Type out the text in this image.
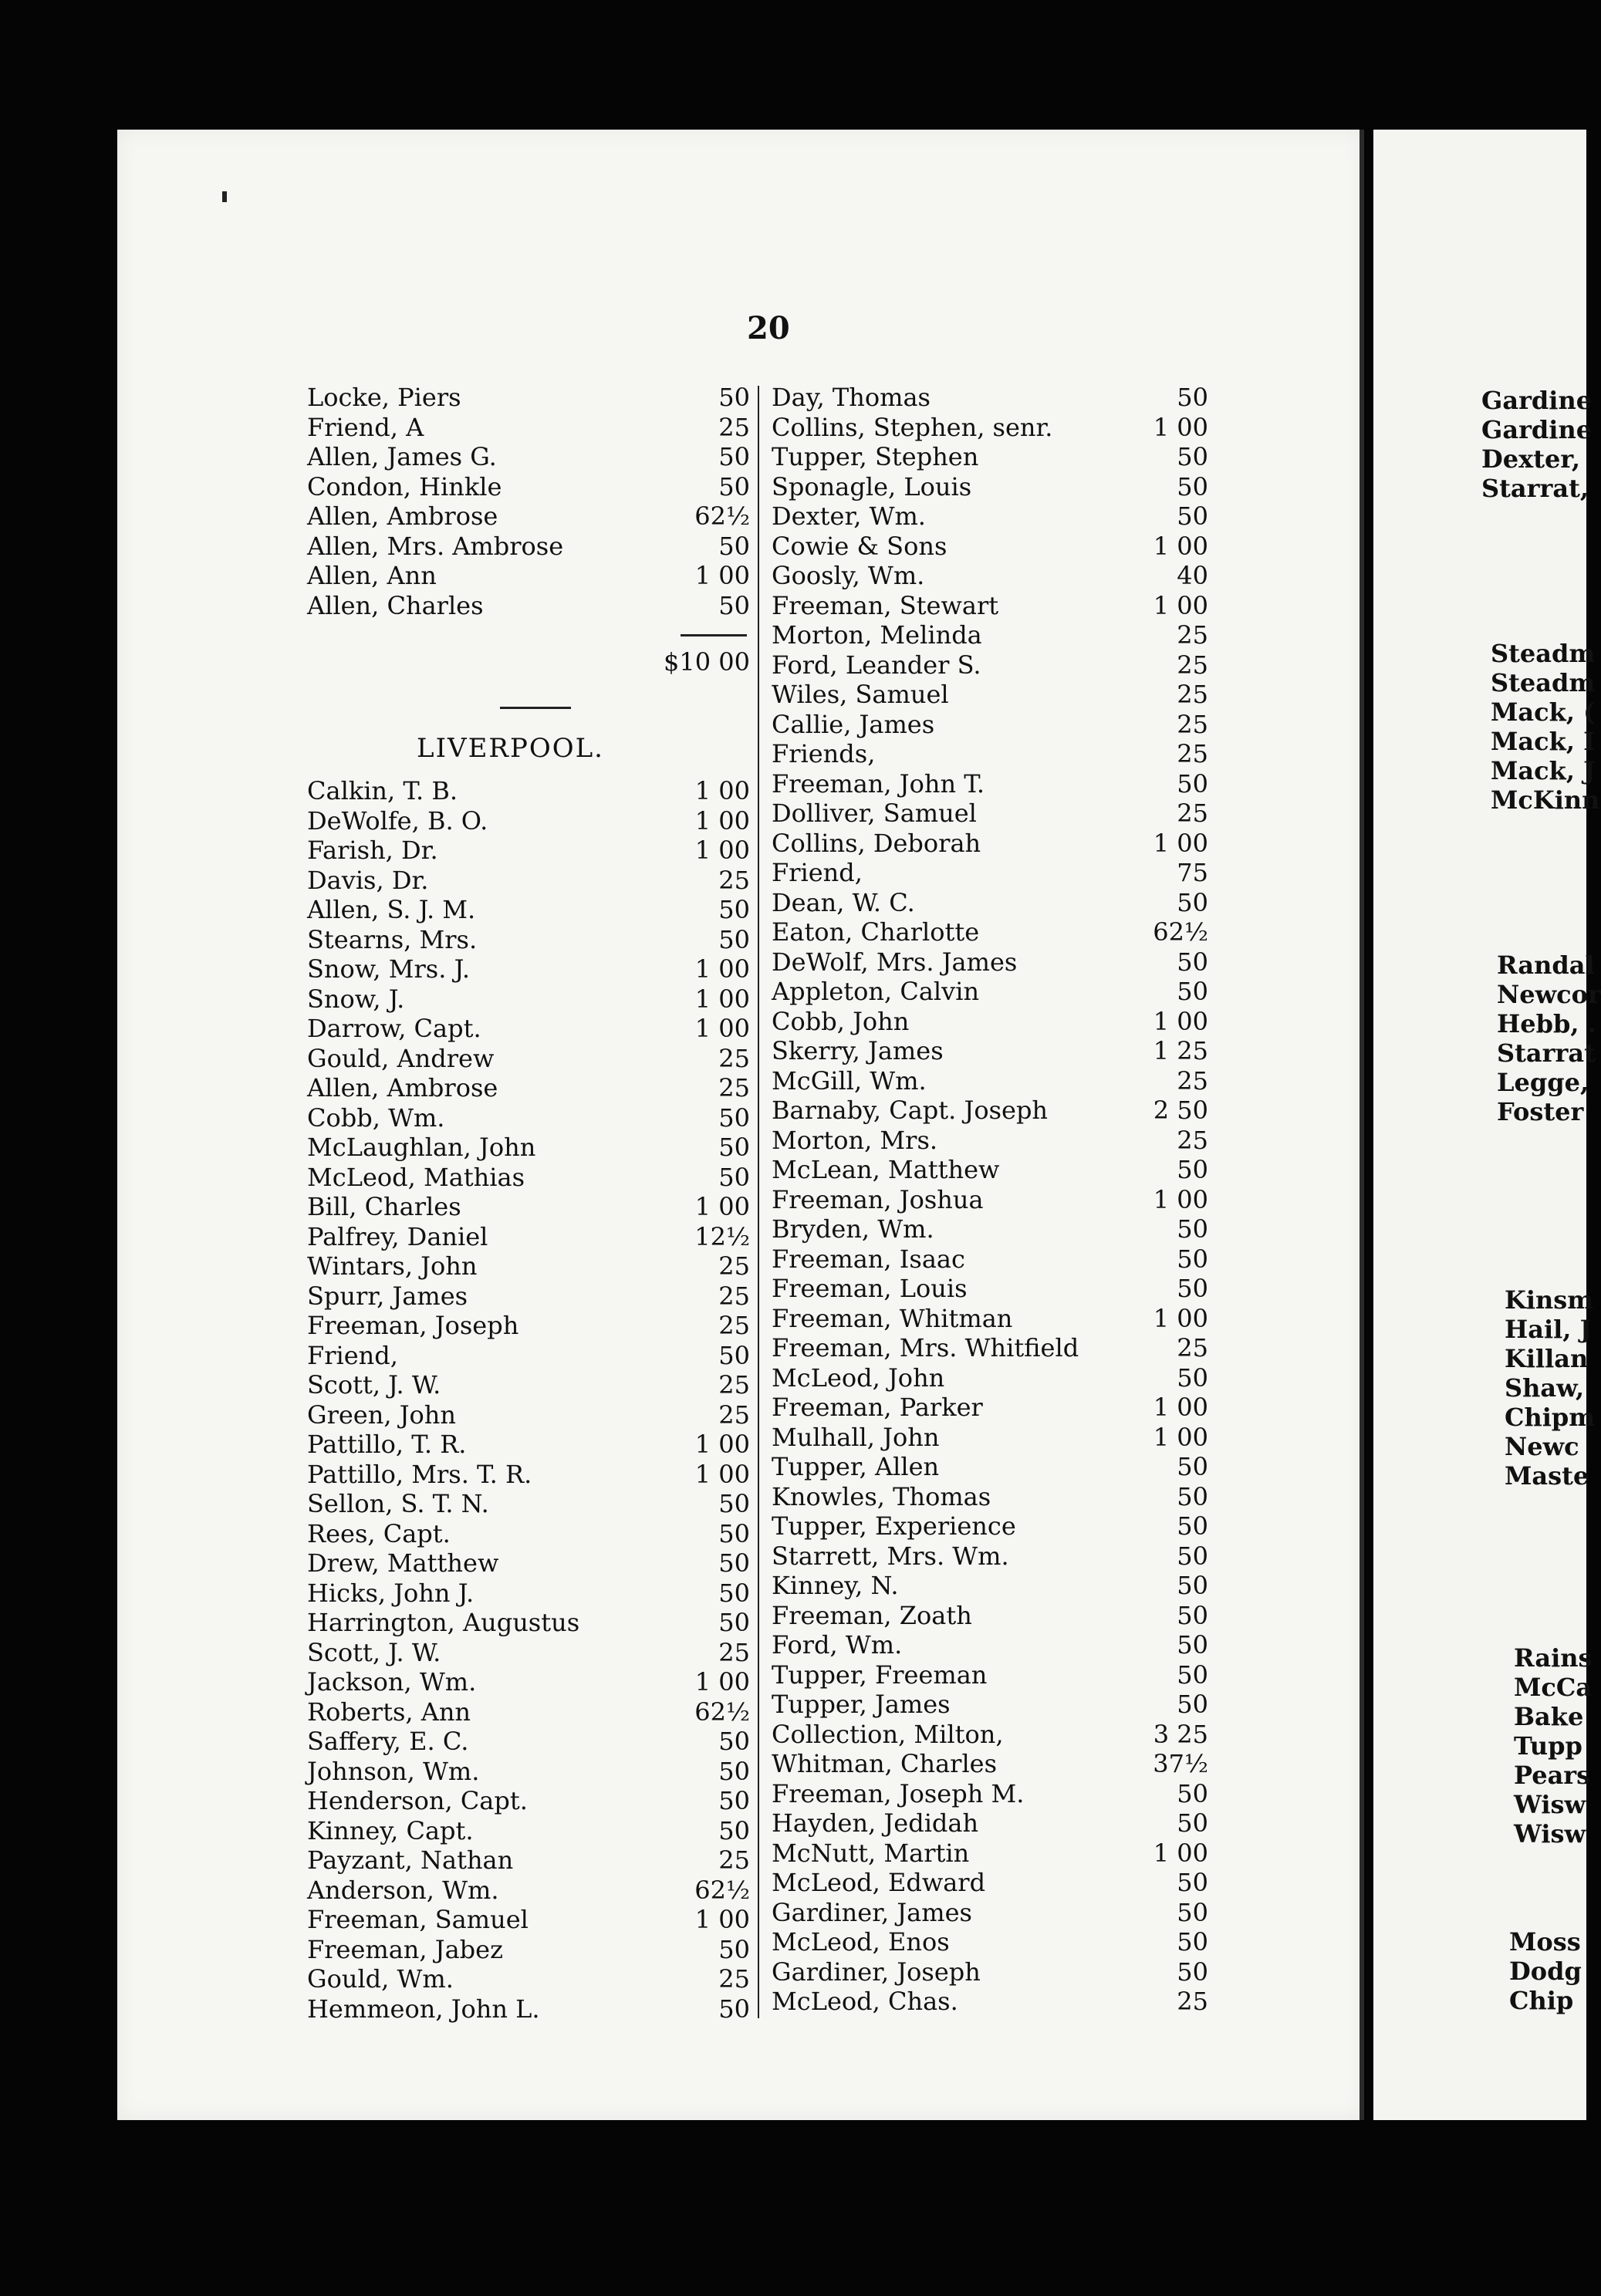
20
Locke, Piers	50
Friend, A	25
Allen, James G.	50
Condon, Hinkle	50
Allen, Ambrose	62½
Allen, Mrs. Ambrose	50
Allen, Ann	1 00
Allen, Charles	50
$10 00
Calkin, T. B.	1 00
DeWolfe, B. O.	1 00
Farish, Dr.	1 00
Davis, Dr.	25
Allen, S. J. M.	50
Stearns, Mrs.	50
Snow, Mrs. J.	1 00
Snow, J.	1 00
Darrow, Capt.	1 00
Gould, Andrew	25
Allen, Ambrose	25
Cobb, Wm.	50
McLaughlan, John	50
McLeod, Mathias	50
Bill, Charles	1 00
Palfrey, Daniel	12½
Wintars, John	25
Spurr, James	25
Freeman, Joseph	25
Friend,	50
Scott, J. W.	25
Green, John	25
Pattillo, T. R.	1 00
Pattillo, Mrs. T. R.	1 00
Sellon, S. T. N.	50
Rees, Capt.	50
Drew, Matthew	50
Hicks, John J.	50
Harrington, Augustus	50
Scott, J. W.	25
Jackson, Wm.	1 00
Roberts, Ann	62½
Saffery, E. C.	50
Johnson, Wm.	50
Henderson, Capt.	50
Kinney, Capt.	50
Payzant, Nathan	25
Anderson, Wm.	62½
Freeman, Samuel	1 00
Freeman, Jabez	50
Gould, Wm.	25
Hemmeon, John L.	50
Day, Thomas	50
Collins, Stephen, senr.	1 00
Tupper, Stephen	50
Sponagle, Louis	50
Dexter, Wm.	50
Cowie & Sons	1 00
Goosly, Wm.	40
Freeman, Stewart	1 00
Morton, Melinda	25
Ford, Leander S.	25
Wiles, Samuel	25
Callie, James	25
Friends,	25
Freeman, John T.	50
Dolliver, Samuel	25
Collins, Deborah	1 00
Friend,	75
Dean, W. C.	50
Eaton, Charlotte	62½
DeWolf, Mrs. James	50
Appleton, Calvin	50
Cobb, John	1 00
Skerry, James	1 25
McGill, Wm.	25
Barnaby, Capt. Joseph	2 50
Morton, Mrs.	25
McLean, Matthew	50
Freeman, Joshua	1 00
Bryden, Wm.	50
Freeman, Isaac	50
Freeman, Louis	50
Freeman, Whitman	1 00
Freeman, Mrs. Whitfield	25
McLeod, John	50
Freeman, Parker	1 00
Mulhall, John	1 00
Tupper, Allen	50
Knowles, Thomas	50
Tupper, Experience	50
Starrett, Mrs. Wm.	50
Kinney, N.	50
Freeman, Zoath	50
Ford, Wm.	50
Tupper, Freeman	50
Tupper, James	50
Collection, Milton,	3 25
Whitman, Charles	37½
Freeman, Joseph M.	50
Hayden, Jedidah	50
McNutt, Martin	1 00
McLeod, Edward	50
Gardiner, James	50
McLeod, Enos	50
Gardiner, Joseph	50
McLeod, Chas.	25
LIVERPOOL.
Gardine
Gardine
Dexter,
Starrat,
Steadm
Steadm
Mack, (
Mack, I
Mack, J
McKinn
Randal
Newcor
Hebb, .
Starrat
Legge,
Foster
Kinsm
Hail, J
Killan
Shaw,
Chipm
Newc
Maste
Rains
McCa
Bake
Tupp
Pears
Wisw
Wisw
Moss
Dodg
Chip
